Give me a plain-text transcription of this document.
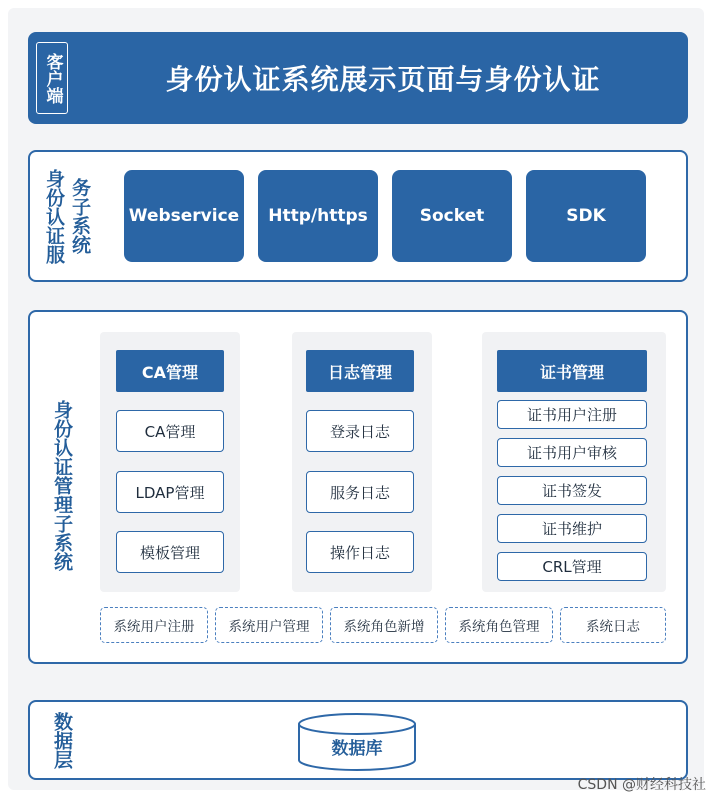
客户端	身份认证系统展示页面与身份认证
身份认证服 务子系统 Webservice	Http/https	Socket	SDK
身份认证管理子系统
CA管理
CA管理
LDAP管理
模板管理
日志管理
登录日志
服务日志
操作日志
证书管理
证书用户注册
证书用户审核
证书签发
证书维护
CRL管理
系统用户注册	系统用户管理	系统角色新增	系统角色管理	系统日志
数据层	数据库
CSDN @财经科技社
